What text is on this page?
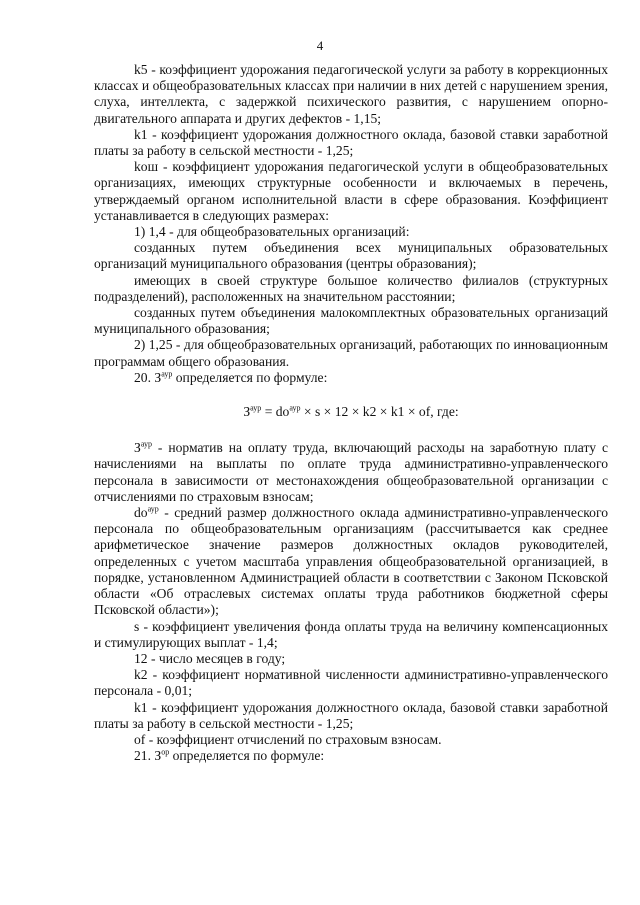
4

k5 - коэффициент удорожания педагогической услуги за работу в коррекционных классах и общеобразовательных классах при наличии в них детей с нарушением зрения, слуха, интеллекта, с задержкой психического развития, с нарушением опорно-двигательного аппарата и других дефектов - 1,15;

k1 - коэффициент удорожания должностного оклада, базовой ставки заработной платы за работу в сельской местности - 1,25;

kош - коэффициент удорожания педагогической услуги в общеобразовательных организациях, имеющих структурные особенности и включаемых в перечень, утверждаемый органом исполнительной власти в сфере образования. Коэффициент устанавливается в следующих размерах:

1) 1,4 - для общеобразовательных организаций:

созданных путем объединения всех муниципальных образовательных организаций муниципального образования (центры образования);

имеющих в своей структуре большое количество филиалов (структурных подразделений), расположенных на значительном расстоянии;

созданных путем объединения малокомплектных образовательных организаций муниципального образования;

2) 1,25 - для общеобразовательных организаций, работающих по инновационным программам общего образования.

20. $З^{аур}$ определяется по формуле:

$З^{аур} = do^{аур} \times s \times 12 \times k2 \times k1$ × of, где:

$З^{аур}$ - норматив на оплату труда, включающий расходы на заработную плату с начислениями на выплаты по оплате труда административно-управленческого персонала в зависимости от местонахождения общеобразовательной организации с отчислениями по страховым взносам;

$do^{аур}$ - средний размер должностного оклада административно-управленческого персонала по общеобразовательным организациям (рассчитывается как среднее арифметическое значение размеров должностных окладов руководителей, определенных с учетом масштаба управления общеобразовательной организацией, в порядке, установленном Администрацией области в соответствии с Законом Псковской области «Об отраслевых системах оплаты труда работников бюджетной сферы Псковской области»);

s - коэффициент увеличения фонда оплаты труда на величину компенсационных и стимулирующих выплат - 1,4;

12 - число месяцев в году;

k2 - коэффициент нормативной численности административно-управленческого персонала - 0,01;

k1 - коэффициент удорожания должностного оклада, базовой ставки заработной платы за работу в сельской местности - 1,25;

of - коэффициент отчислений по страховым взносам.

21. $З^{ор}$ определяется по формуле:
